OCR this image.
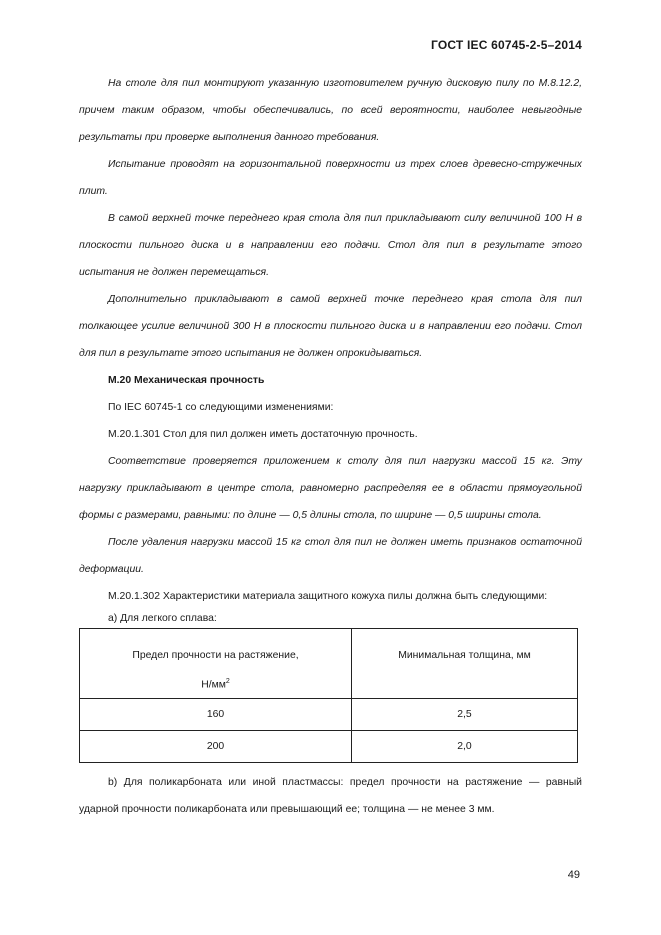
ГОСТ IEC 60745-2-5–2014

На столе для пил монтируют указанную изготовителем ручную дисковую пилу по М.8.12.2, причем таким образом, чтобы обеспечивались, по всей вероятности, наиболее невыгодные результаты при проверке выполнения данного требования.

Испытание проводят на горизонтальной поверхности из трех слоев древесно-стружечных плит.

В самой верхней точке переднего края стола для пил прикладывают силу величиной 100 Н в плоскости пильного диска и в направлении его подачи. Стол для пил в результате этого испытания не должен перемещаться.

Дополнительно прикладывают в самой верхней точке переднего края стола для пил толкающее усилие величиной 300 Н в плоскости пильного диска и в направлении его подачи. Стол для пил в результате этого испытания не должен опрокидываться.

М.20 Механическая прочность

По IEC 60745-1 со следующими изменениями:

М.20.1.301 Стол для пил должен иметь достаточную прочность.

Соответствие проверяется приложением к столу для пил нагрузки массой 15 кг. Эту нагрузку прикладывают в центре стола, равномерно распределяя ее в области прямоугольной формы с размерами, равными: по длине — 0,5 длины стола, по ширине — 0,5 ширины стола.

После удаления нагрузки массой 15 кг стол для пил не должен иметь признаков остаточной деформации.

М.20.1.302 Характеристики материала защитного кожуха пилы должна быть следующими:

а) Для легкого сплава:

Предел прочности на растяжение,
$Н/мм^2$	Минимальная толщина, мм

160	2,5
200	2,0

b) Для поликарбоната или иной пластмассы: предел прочности на растяжение — равный ударной прочности поликарбоната или превышающий ее; толщина — не менее 3 мм.

49
